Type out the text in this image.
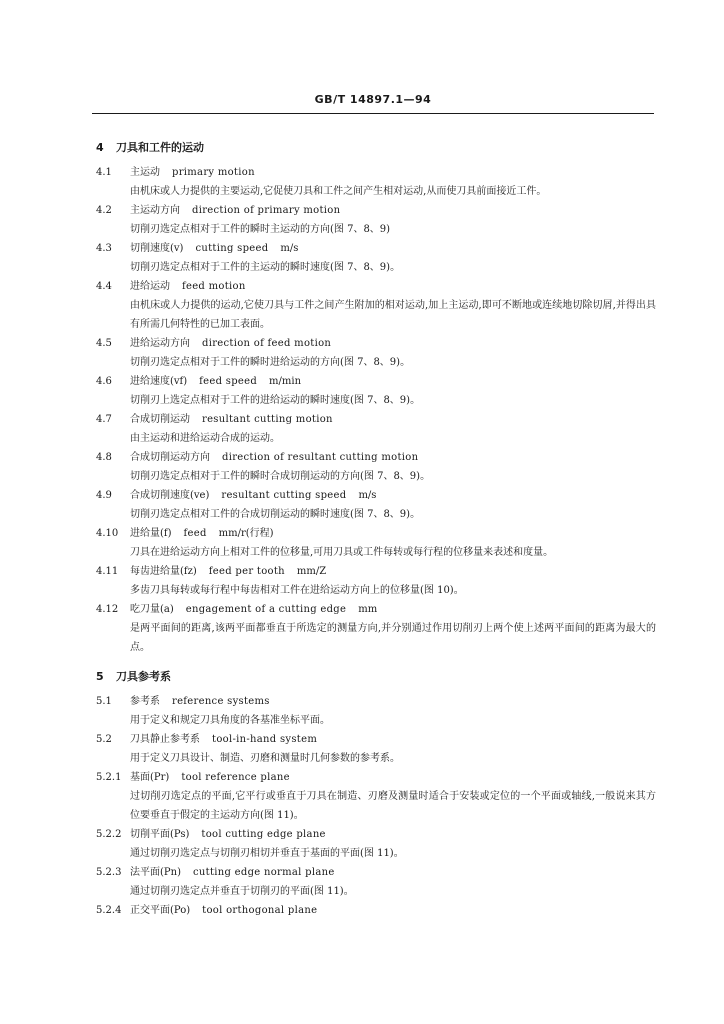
GB/T 14897.1—94
4 刀具和工件的运动
4.1 主运动 primary motion
由机床或人力提供的主要运动,它促使刀具和工件之间产生相对运动,从而使刀具前面接近工件。
4.2 主运动方向 direction of primary motion
切削刃选定点相对于工件的瞬时主运动的方向(图 7、8、9)
4.3 切削速度(v) cutting speed m/s
切削刃选定点相对于工件的主运动的瞬时速度(图 7、8、9)。
4.4 进给运动 feed motion
由机床或人力提供的运动,它使刀具与工件之间产生附加的相对运动,加上主运动,即可不断地或连续地切除切屑,并得出具有所需几何特性的已加工表面。
4.5 进给运动方向 direction of feed motion
切削刃选定点相对于工件的瞬时进给运动的方向(图 7、8、9)。
4.6 进给速度(vf) feed speed m/min
切削刃上选定点相对于工件的进给运动的瞬时速度(图 7、8、9)。
4.7 合成切削运动 resultant cutting motion
由主运动和进给运动合成的运动。
4.8 合成切削运动方向 direction of resultant cutting motion
切削刃选定点相对于工件的瞬时合成切削运动的方向(图 7、8、9)。
4.9 合成切削速度(ve) resultant cutting speed m/s
切削刃选定点相对工件的合成切削运动的瞬时速度(图 7、8、9)。
4.10 进给量(f) feed mm/r(行程)
刀具在进给运动方向上相对工件的位移量,可用刀具或工件每转或每行程的位移量来表述和度量。
4.11 每齿进给量(fz) feed per tooth mm/Z
多齿刀具每转或每行程中每齿相对工件在进给运动方向上的位移量(图 10)。
4.12 吃刀量(a) engagement of a cutting edge mm
是两平面间的距离,该两平面都垂直于所选定的测量方向,并分别通过作用切削刃上两个使上述两平面间的距离为最大的点。
5 刀具参考系
5.1 参考系 reference systems
用于定义和规定刀具角度的各基准坐标平面。
5.2 刀具静止参考系 tool-in-hand system
用于定义刀具设计、制造、刃磨和测量时几何参数的参考系。
5.2.1 基面(Pr) tool reference plane
过切削刃选定点的平面,它平行或垂直于刀具在制造、刃磨及测量时适合于安装或定位的一个平面或轴线,一般说来其方位要垂直于假定的主运动方向(图 11)。
5.2.2 切削平面(Ps) tool cutting edge plane
通过切削刃选定点与切削刃相切并垂直于基面的平面(图 11)。
5.2.3 法平面(Pn) cutting edge normal plane
通过切削刃选定点并垂直于切削刃的平面(图 11)。
5.2.4 正交平面(Po) tool orthogonal plane
